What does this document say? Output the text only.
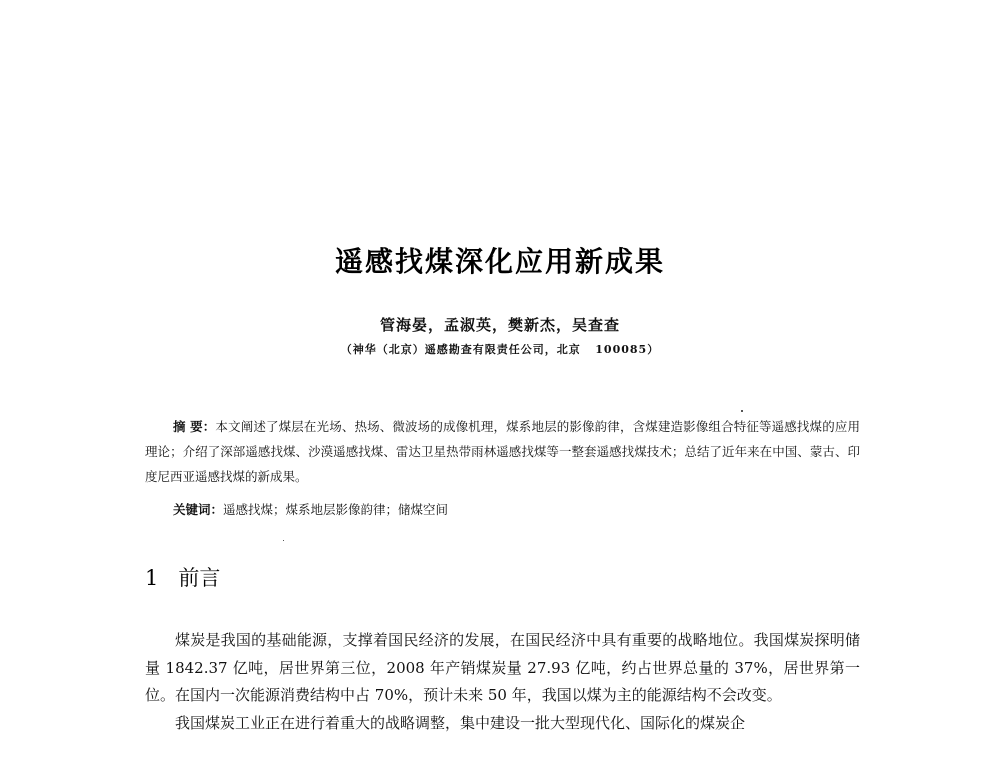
遥感找煤深化应用新成果
管海晏，孟淑英，樊新杰，吴查查
（神华（北京）遥感勘查有限责任公司，北京   100085）
摘 要：本文阐述了煤层在光场、热场、微波场的成像机理，煤系地层的影像韵律，含煤建造影像组合特征等遥感找煤的应用理论；介绍了深部遥感找煤、沙漠遥感找煤、雷达卫星热带雨林遥感找煤等一整套遥感找煤技术；总结了近年来在中国、蒙古、印度尼西亚遥感找煤的新成果。
关键词：遥感找煤；煤系地层影像韵律；储煤空间
1 前言

煤炭是我国的基础能源，支撑着国民经济的发展，在国民经济中具有重要的战略地位。我国煤炭探明储量 1842.37 亿吨，居世界第三位，2008 年产销煤炭量 27.93 亿吨，约占世界总量的 37%，居世界第一位。在国内一次能源消费结构中占 70%，预计未来 50 年，我国以煤为主的能源结构不会改变。

我国煤炭工业正在进行着重大的战略调整，集中建设一批大型现代化、国际化的煤炭企
